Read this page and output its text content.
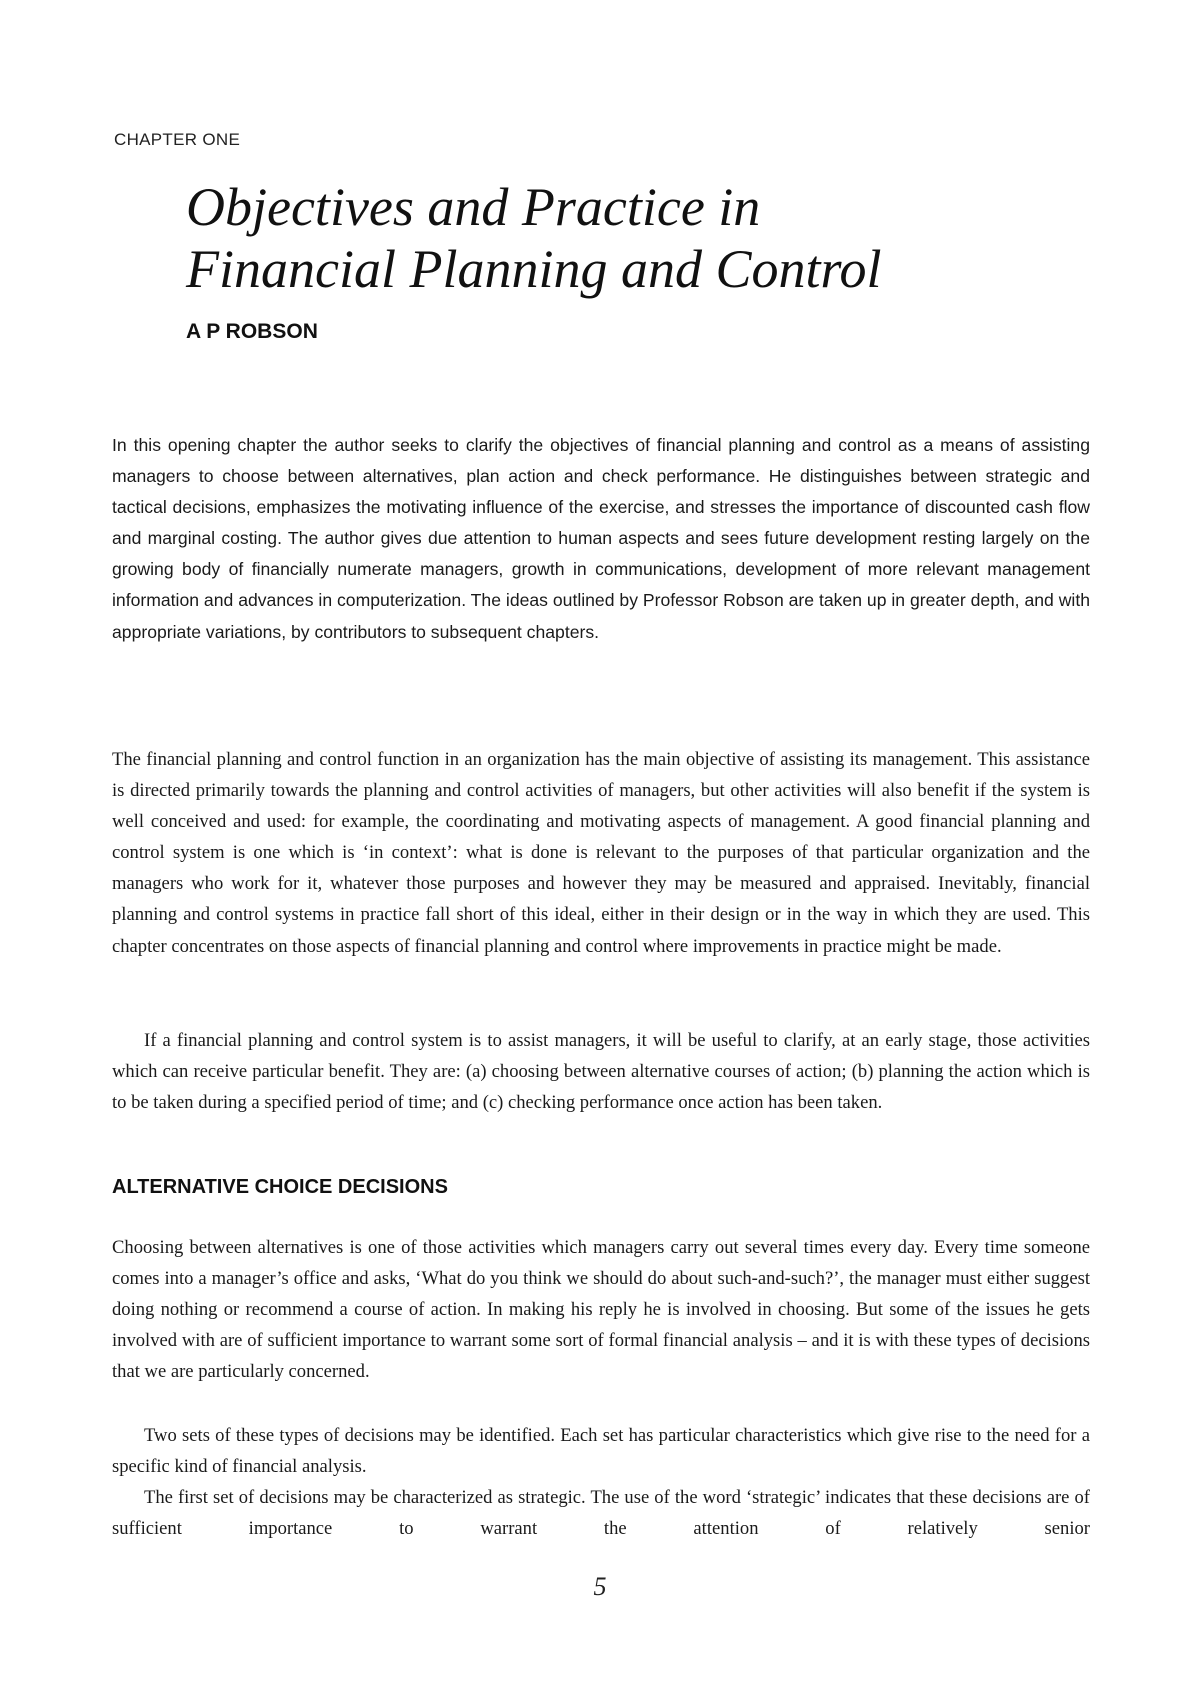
CHAPTER ONE
Objectives and Practice in
Financial Planning and Control
A P ROBSON

In this opening chapter the author seeks to clarify the objectives of financial planning and control as a means of assisting managers to choose between alternatives, plan action and check performance. He distinguishes between strategic and tactical decisions, emphasizes the motivating influence of the exercise, and stresses the importance of discounted cash flow and marginal costing. The author gives due attention to human aspects and sees future development resting largely on the growing body of financially numerate managers, growth in communications, development of more relevant management information and advances in computerization. The ideas outlined by Professor Robson are taken up in greater depth, and with appropriate variations, by contributors to subsequent chapters.

The financial planning and control function in an organization has the main objective of assisting its management. This assistance is directed primarily towards the planning and control activities of managers, but other activities will also benefit if the system is well conceived and used: for example, the coordinating and motivating aspects of management. A good financial planning and control system is one which is ‘in context’: what is done is relevant to the purposes of that particular organization and the managers who work for it, whatever those purposes and however they may be measured and appraised. Inevitably, financial planning and control systems in practice fall short of this ideal, either in their design or in the way in which they are used. This chapter concentrates on those aspects of financial planning and control where improvements in practice might be made.

If a financial planning and control system is to assist managers, it will be useful to clarify, at an early stage, those activities which can receive particular benefit. They are: (a) choosing between alternative courses of action; (b) planning the action which is to be taken during a specified period of time; and (c) checking performance once action has been taken.

ALTERNATIVE CHOICE DECISIONS

Choosing between alternatives is one of those activities which managers carry out several times every day. Every time someone comes into a manager’s office and asks, ‘What do you think we should do about such-and-such?’, the manager must either suggest doing nothing or recommend a course of action. In making his reply he is involved in choosing. But some of the issues he gets involved with are of sufficient importance to warrant some sort of formal financial analysis – and it is with these types of decisions that we are particularly concerned.

Two sets of these types of decisions may be identified. Each set has particular characteristics which give rise to the need for a specific kind of financial analysis.

The first set of decisions may be characterized as strategic. The use of the word ‘strategic’ indicates that these decisions are of sufficient importance to warrant the attention of relatively senior

5
